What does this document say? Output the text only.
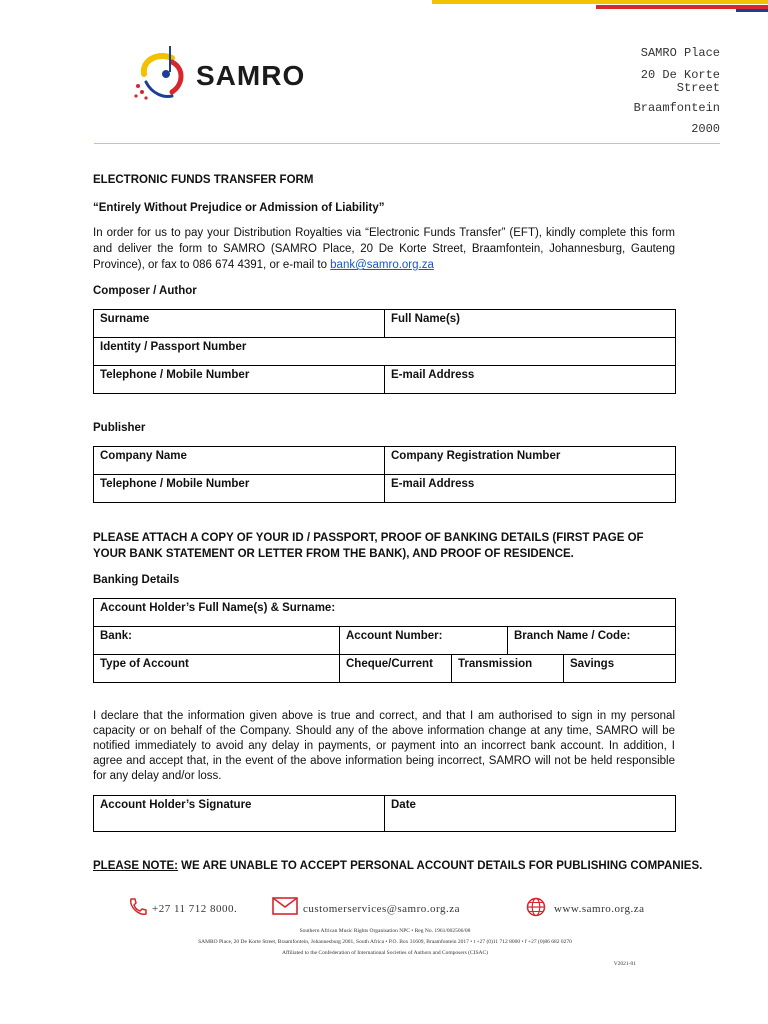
SAMRO
SAMRO Place
20 De Korte
Street
Braamfontein
2000
ELECTRONIC FUNDS TRANSFER FORM
“Entirely Without Prejudice or Admission of Liability”
In order for us to pay your Distribution Royalties via “Electronic Funds Transfer” (EFT), kindly complete this form and deliver the form to SAMRO (SAMRO Place, 20 De Korte Street, Braamfontein, Johannesburg, Gauteng Province), or fax to 086 674 4391, or e-mail to bank@samro.org.za
Composer / Author
Surname	Full Name(s)
Identity / Passport Number	
Telephone / Mobile Number	E-mail Address
Publisher
Company Name	Company Registration Number
Telephone / Mobile Number	E-mail Address
PLEASE ATTACH A COPY OF YOUR ID / PASSPORT, PROOF OF BANKING DETAILS (FIRST PAGE OF YOUR BANK STATEMENT OR LETTER FROM THE BANK), AND PROOF OF RESIDENCE.
Banking Details
Account Holder’s Full Name(s) & Surname:				
Bank:	Account Number:		Branch Name / Code:	
Type of Account	Cheque/Current	Transmission		Savings
I declare that the information given above is true and correct, and that I am authorised to sign in my personal capacity or on behalf of the Company. Should any of the above information change at any time, SAMRO will be notified immediately to avoid any delay in payments, or payment into an incorrect bank account. In addition, I agree and accept that, in the event of the above information being incorrect, SAMRO will not be held responsible for any delay and/or loss.
Account Holder’s Signature	Date
PLEASE NOTE: WE ARE UNABLE TO ACCEPT PERSONAL ACCOUNT DETAILS FOR PUBLISHING COMPANIES.
+27 11 712 8000.	customerservices@samro.org.za	www.samro.org.za
Southern African Music Rights Organisation NPC • Reg No. 1961/002506/08
SAMRO Place, 20 De Korte Street, Braamfontein, Johannesburg 2001, South Africa • P.O. Box 31609, Braamfontein 2017 • t +27 (0)11 712 8000 • f +27 (0)86 682 0270
Affiliated to the Confederation of International Societies of Authors and Composers (CISAC)
V2021-01
